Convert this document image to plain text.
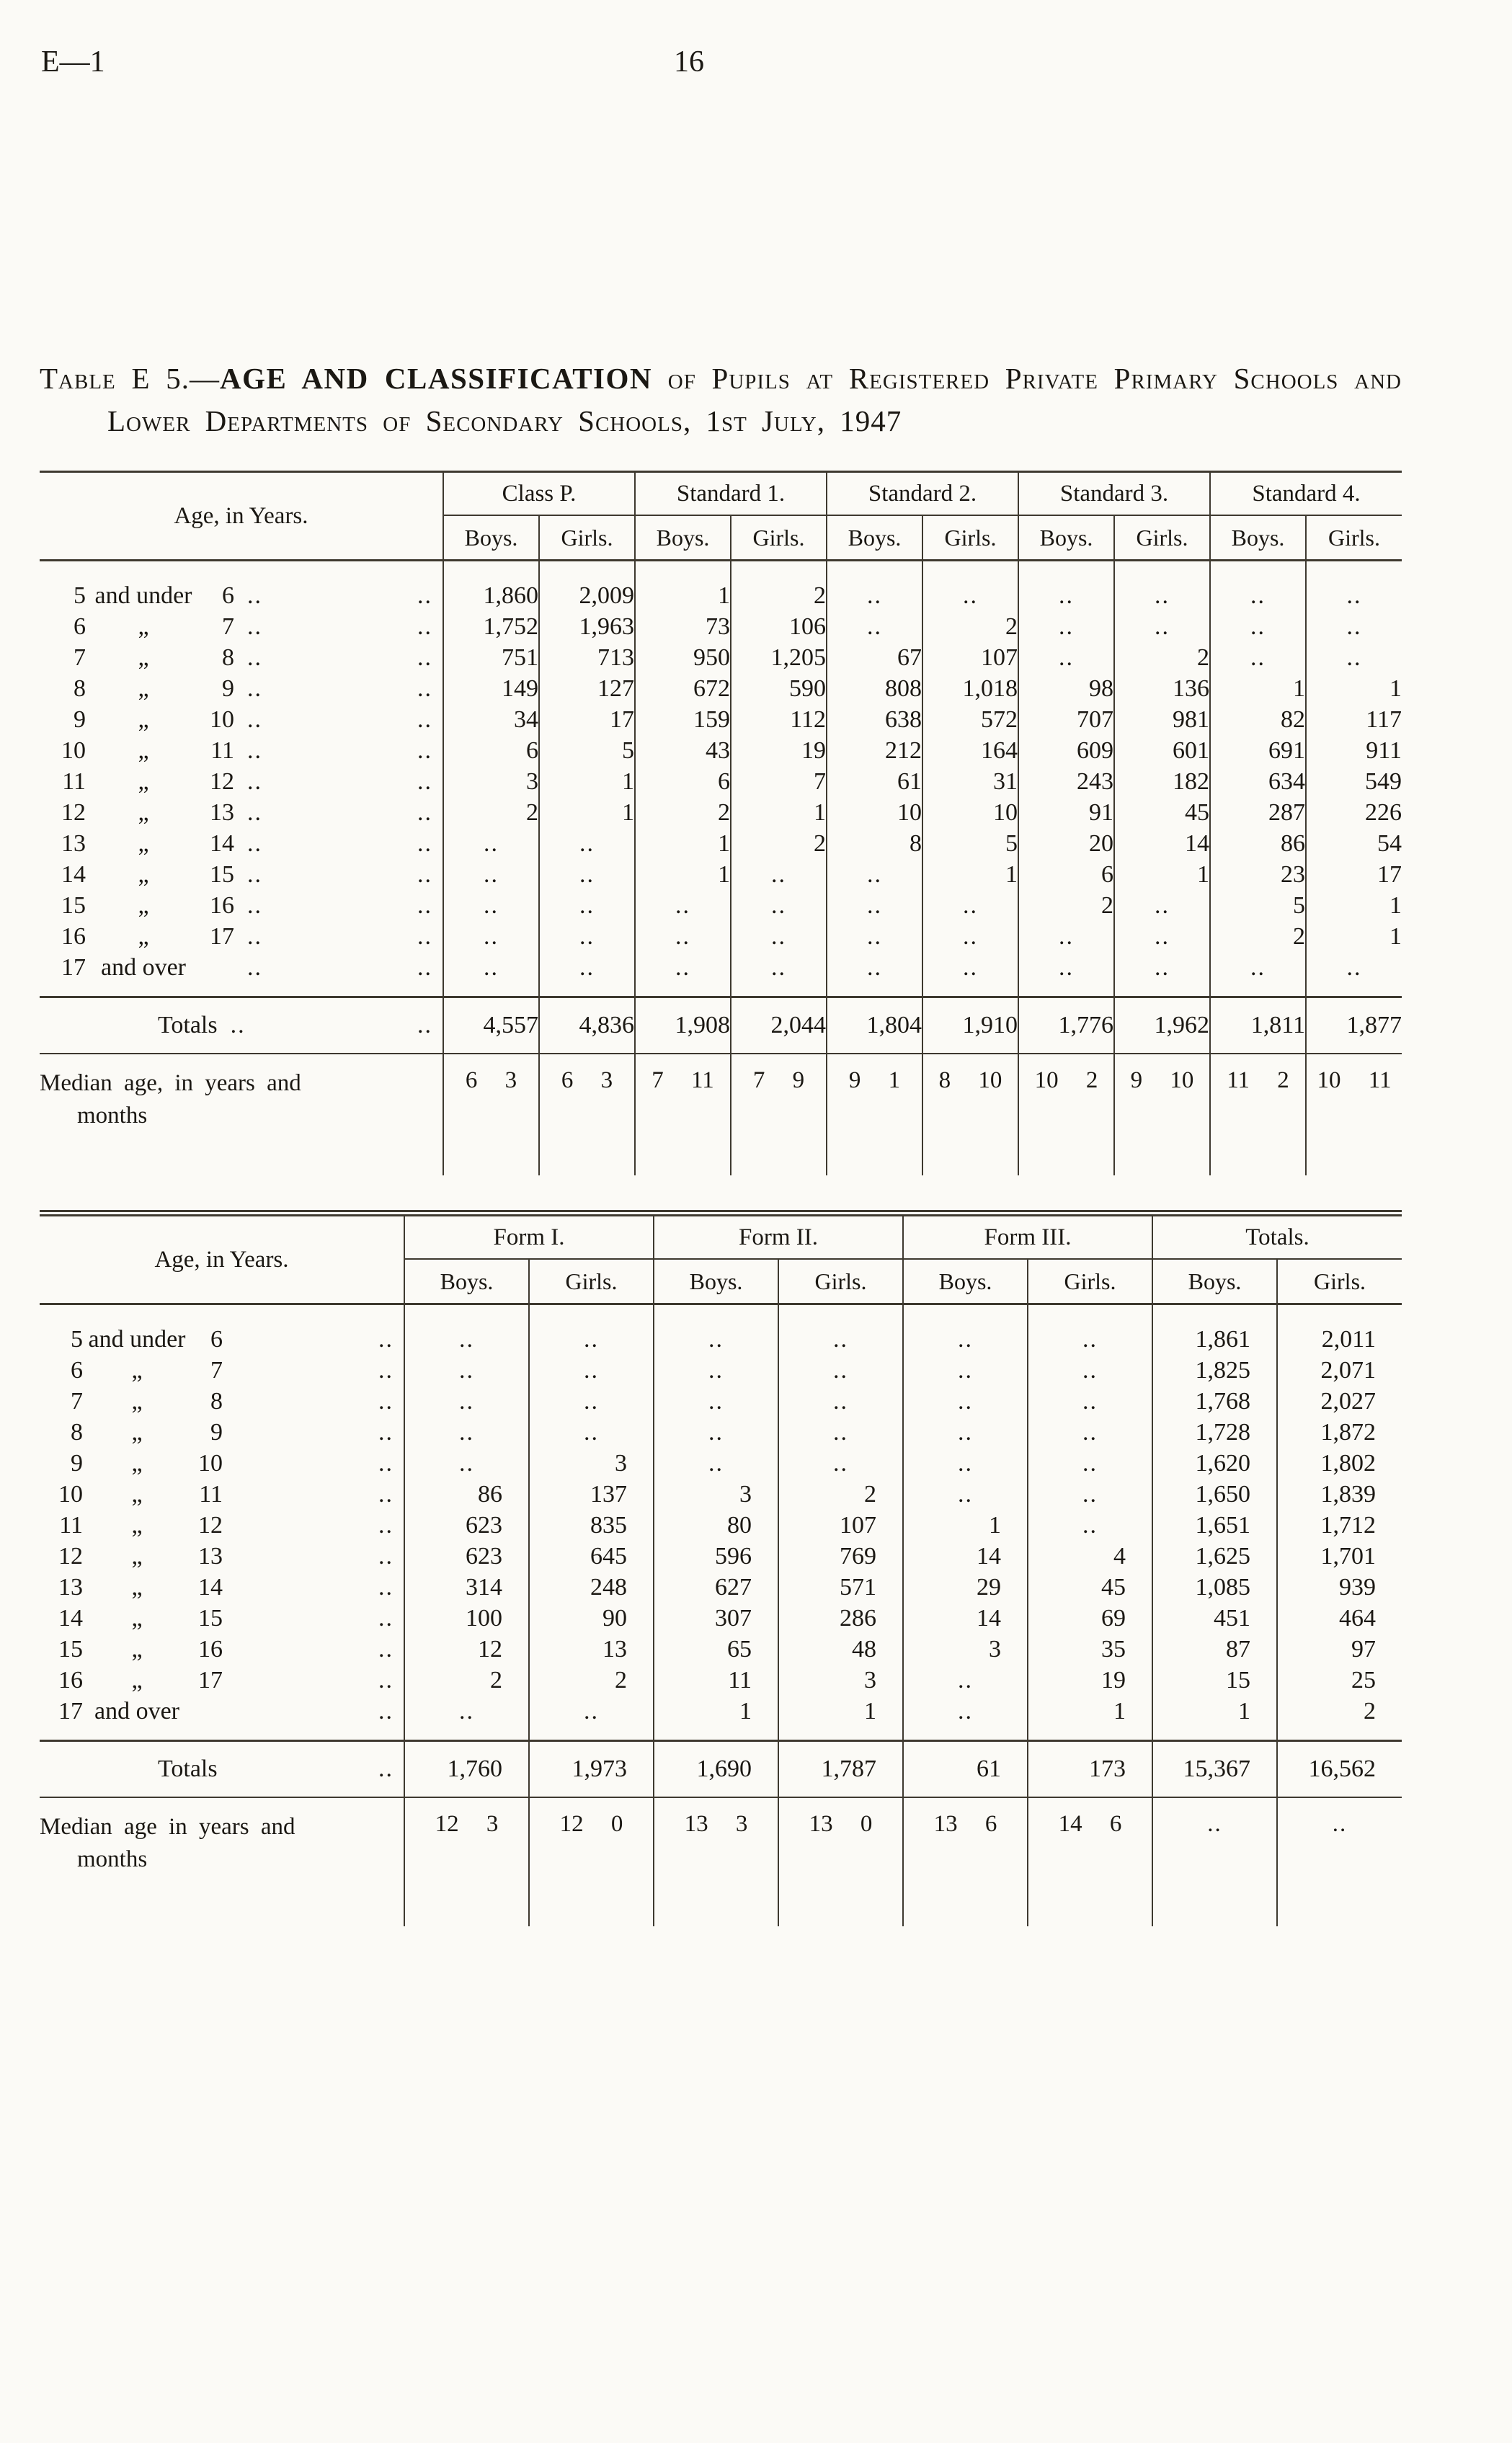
E—1	16

Table E 5.—AGE AND CLASSIFICATION of Pupils at Registered Private Primary Schools and Lower Departments of Secondary Schools, 1st July, 1947

Age, in Years.	Class P.		Standard 1.		Standard 2.		Standard 3.		Standard 4.	
	Boys.	Girls.	Boys.	Girls.	Boys.	Girls.	Boys.	Girls.	Boys.	Girls.

5 and under 6 .. ..	1,860	2,009	1	2	..	..	..	..	..	..

6 „ 7 .. ..	1,752	1,963	73	106	..	2	..	..	..	..

7 „ 8 .. ..	751	713	950	1,205	67	107	..	2	..	..

8 „ 9 .. ..	149	127	672	590	808	1,018	98	136	1	1

9 „ 10 .. ..	34	17	159	112	638	572	707	981	82	117

10 „ 11 .. ..	6	5	43	19	212	164	609	601	691	911

11 „ 12 .. ..	3	1	6	7	61	31	243	182	634	549

12 „ 13 .. ..	2	1	2	1	10	10	91	45	287	226

13 „ 14 .. ..	..	..	1	2	8	5	20	14	86	54

14 „ 15 .. ..	..	..	1	..	..	1	6	1	23	17

15 „ 16 .. ..	..	..	..	..	..	..	2	..	5	1

16 „ 17 .. ..	..	..	..	..	..	..	..	..	2	1

17 and over .. ..	..	..	..	..	..	..	..	..	..	..

Totals .. ..	4,557	4,836	1,908	2,044	1,804	1,910	1,776	1,962	1,811	1,877

Median age, in years and months	6 3	6 3	7 11	7 9	9 1	8 10	10 2	9 10	11 2	10 11
Age, in Years.	Form I.		Form II.		Form III.		Totals.	
	Boys.	Girls.	Boys.	Girls.	Boys.	Girls.	Boys.	Girls.

5 and under 6 ..	..	..	..	..	..	..	1,861	2,011

6 „ 7 ..	..	..	..	..	..	..	1,825	2,071

7 „ 8 ..	..	..	..	..	..	..	1,768	2,027

8 „ 9 ..	..	..	..	..	..	..	1,728	1,872

9 „ 10 ..	..	3	..	..	..	..	1,620	1,802

10 „ 11 ..	86	137	3	2	..	..	1,650	1,839

11 „ 12 ..	623	835	80	107	1	..	1,651	1,712

12 „ 13 ..	623	645	596	769	14	4	1,625	1,701

13 „ 14 ..	314	248	627	571	29	45	1,085	939

14 „ 15 ..	100	90	307	286	14	69	451	464

15 „ 16 ..	12	13	65	48	3	35	87	97

16 „ 17 ..	2	2	11	3	..	19	15	25

17 and over ..	..	..	1	1	..	1	1	2

Totals ..	1,760	1,973	1,690	1,787	61	173	15,367	16,562

Median age in years and months	12 3	12 0	13 3	13 0	13 6	14 6	..	..
